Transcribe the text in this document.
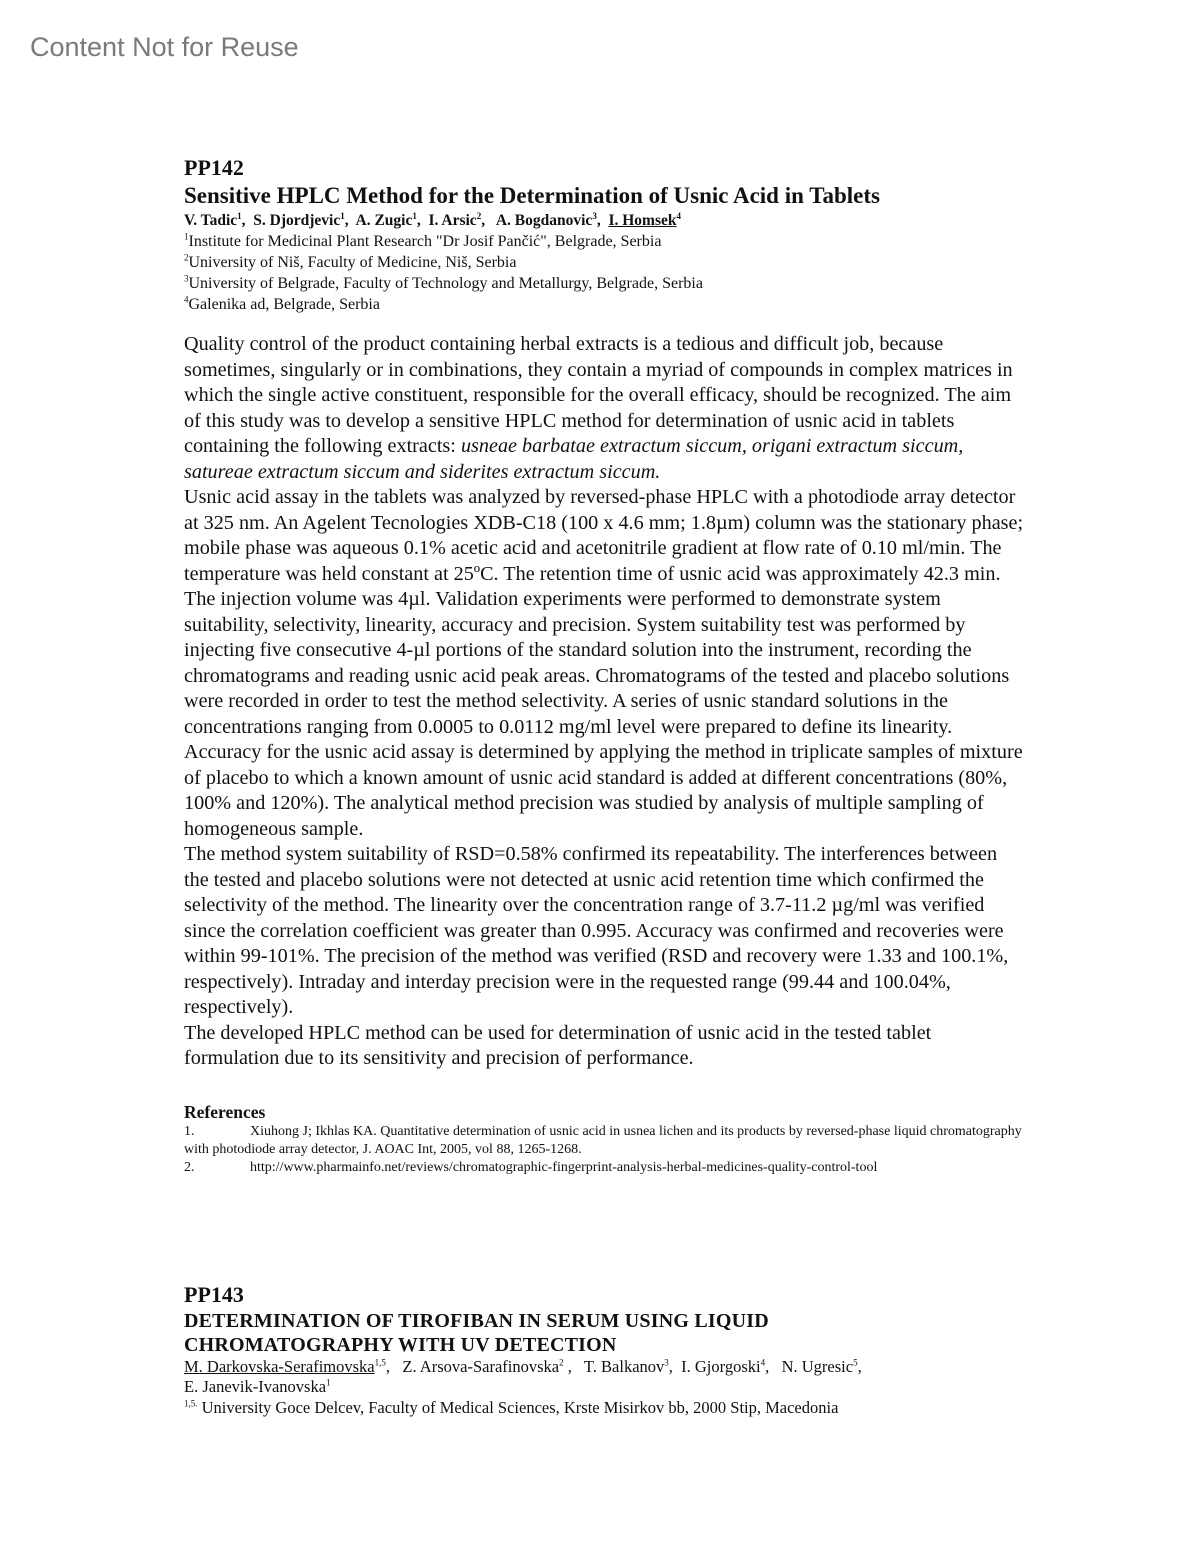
Content Not for Reuse

PP142

Sensitive HPLC Method for the Determination of Usnic Acid in Tablets

V. Tadic$^1$,  S. Djordjevic$^1$,  A. Zugic$^1$,  I. Arsic$^2$,   A. Bogdanovic$^3$,  I. Homsek$^4$

$^1$Institute for Medicinal Plant Research "Dr Josif Pančić", Belgrade, Serbia

$^2$University of Niš, Faculty of Medicine, Niš, Serbia

$^3$University of Belgrade, Faculty of Technology and Metallurgy, Belgrade, Serbia

$^4$Galenika ad, Belgrade, Serbia

Quality control of the product containing herbal extracts is a tedious and difficult job, because sometimes, singularly or in combinations, they contain a myriad of compounds in complex matrices in which the single active constituent, responsible for the overall efficacy, should be recognized. The aim of this study was to develop a sensitive HPLC method for determination of usnic acid in tablets containing the following extracts: usneae barbatae extractum siccum, origani extractum siccum, satureae extractum siccum and siderites extractum siccum.

Usnic acid assay in the tablets was analyzed by reversed-phase HPLC with a photodiode array detector at 325 nm. An Agelent Tecnologies XDB-C18 (100 x 4.6 mm; 1.8µm) column was the stationary phase; mobile phase was aqueous 0.1% acetic acid and acetonitrile gradient at flow rate of 0.10 ml/min. The temperature was held constant at 25ºC. The retention time of usnic acid was approximately 42.3 min. The injection volume was 4µl. Validation experiments were performed to demonstrate system suitability, selectivity, linearity, accuracy and precision. System suitability test was performed by injecting five consecutive 4-µl portions of the standard solution into the instrument, recording the chromatograms and reading usnic acid peak areas. Chromatograms of the tested and placebo solutions were recorded in order to test the method selectivity. A series of usnic standard solutions in the concentrations ranging from 0.0005 to 0.0112 mg/ml level were prepared to define its linearity. Accuracy for the usnic acid assay is determined by applying the method in triplicate samples of mixture of placebo to which a known amount of usnic acid standard is added at different concentrations (80%, 100% and 120%). The analytical method precision was studied by analysis of multiple sampling of homogeneous sample.

The method system suitability of RSD=0.58% confirmed its repeatability. The interferences between the tested and placebo solutions were not detected at usnic acid retention time which confirmed the selectivity of the method. The linearity over the concentration range of 3.7-11.2 µg/ml was verified since the correlation coefficient was greater than 0.995. Accuracy was confirmed and recoveries were within 99-101%. The precision of the method was verified (RSD and recovery were 1.33 and 100.1%, respectively). Intraday and interday precision were in the requested range (99.44 and 100.04%, respectively).

The developed HPLC method can be used for determination of usnic acid in the tested tablet formulation due to its sensitivity and precision of performance.

References

1.	Xiuhong J; Ikhlas KA. Quantitative determination of usnic acid in usnea lichen and its products by reversed-phase liquid chromatography with photodiode array detector, J. AOAC Int, 2005, vol 88, 1265-1268.

2.	http://www.pharmainfo.net/reviews/chromatographic-fingerprint-analysis-herbal-medicines-quality-control-tool

PP143

DETERMINATION OF TIROFIBAN IN SERUM USING LIQUID

CHROMATOGRAPHY WITH UV DETECTION

M. Darkovska-Serafimovska$^{1,5}$,   Z. Arsova-Sarafinovska$^2$ ,   T. Balkanov$^3$,  I. Gjorgoski$^4$,   N. Ugresic$^5$,
E. Janevik-Ivanovska$^1$

$^{1,5.}$ University Goce Delcev, Faculty of Medical Sciences, Krste Misirkov bb, 2000 Stip, Macedonia
